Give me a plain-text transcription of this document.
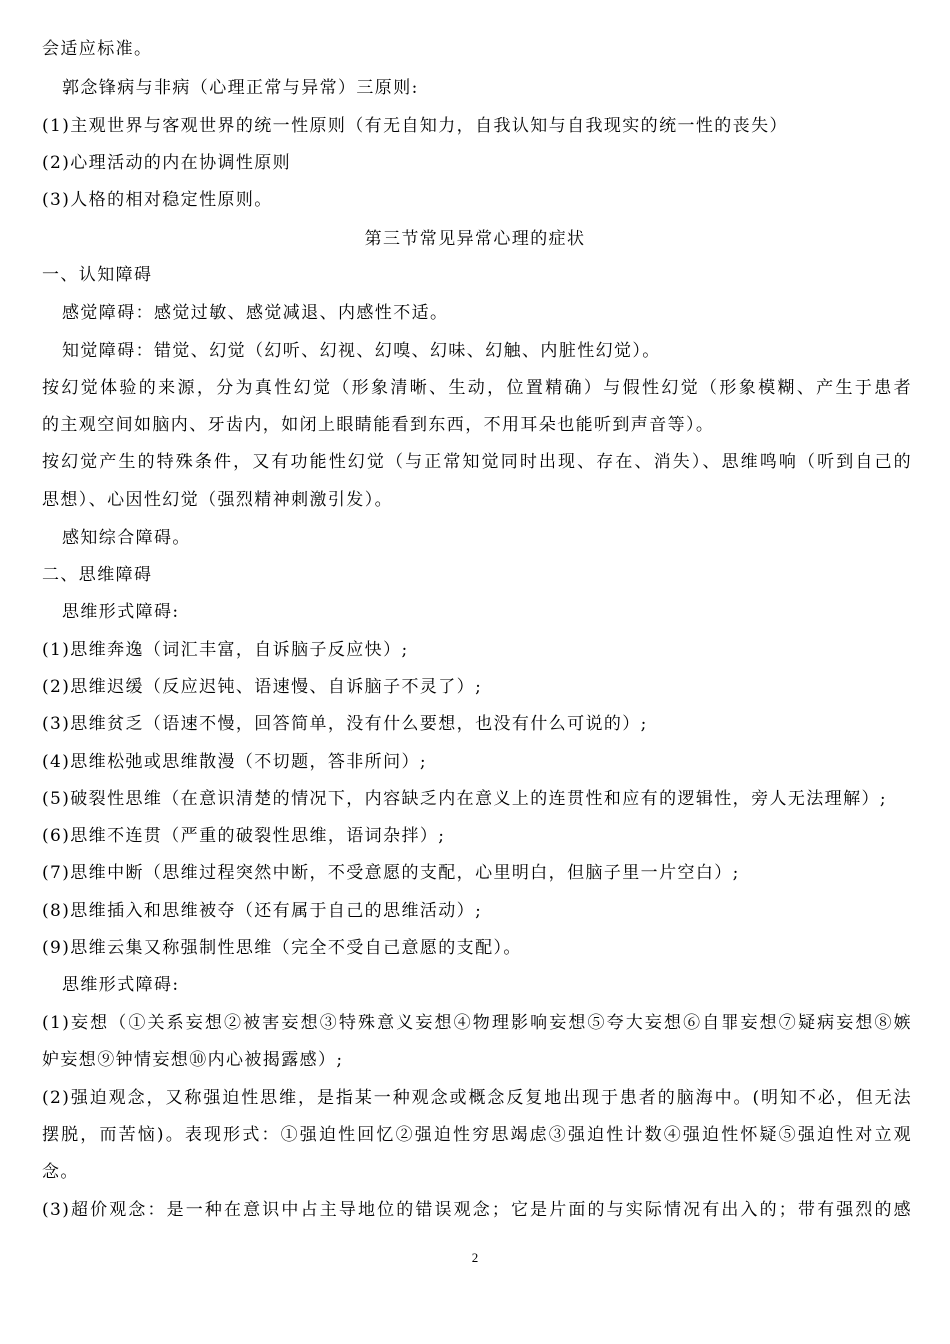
会适应标准。
郭念锋病与非病（心理正常与异常）三原则:
(1)主观世界与客观世界的统一性原则（有无自知力，自我认知与自我现实的统一性的丧失）
(2)心理活动的内在协调性原则
(3)人格的相对稳定性原则。
第三节常见异常心理的症状
一、认知障碍
感觉障碍：感觉过敏、感觉减退、内感性不适。
知觉障碍：错觉、幻觉（幻听、幻视、幻嗅、幻味、幻触、内脏性幻觉）。
按幻觉体验的来源，分为真性幻觉（形象清晰、生动，位置精确）与假性幻觉（形象模糊、产生于患者
的主观空间如脑内、牙齿内，如闭上眼睛能看到东西，不用耳朵也能听到声音等）。
按幻觉产生的特殊条件，又有功能性幻觉（与正常知觉同时出现、存在、消失）、思维鸣响（听到自己的
思想）、心因性幻觉（强烈精神刺激引发）。
感知综合障碍。
二、思维障碍
思维形式障碍:
(1)思维奔逸（词汇丰富，自诉脑子反应快）;
(2)思维迟缓（反应迟钝、语速慢、自诉脑子不灵了）;
(3)思维贫乏（语速不慢，回答简单，没有什么要想，也没有什么可说的）;
(4)思维松弛或思维散漫（不切题，答非所问）;
(5)破裂性思维（在意识清楚的情况下，内容缺乏内在意义上的连贯性和应有的逻辑性，旁人无法理解）;
(6)思维不连贯（严重的破裂性思维，语词杂拌）;
(7)思维中断（思维过程突然中断，不受意愿的支配，心里明白，但脑子里一片空白）;
(8)思维插入和思维被夺（还有属于自己的思维活动）;
(9)思维云集又称强制性思维（完全不受自己意愿的支配）。
思维形式障碍:
(1)妄想（①关系妄想②被害妄想③特殊意义妄想④物理影响妄想⑤夸大妄想⑥自罪妄想⑦疑病妄想⑧嫉
妒妄想⑨钟情妄想⑩内心被揭露感）;
(2)强迫观念，又称强迫性思维，是指某一种观念或概念反复地出现于患者的脑海中。(明知不必，但无法
摆脱，而苦恼)。表现形式：①强迫性回忆②强迫性穷思竭虑③强迫性计数④强迫性怀疑⑤强迫性对立观
念。
(3)超价观念：是一种在意识中占主导地位的错误观念；它是片面的与实际情况有出入的；带有强烈的感
2
